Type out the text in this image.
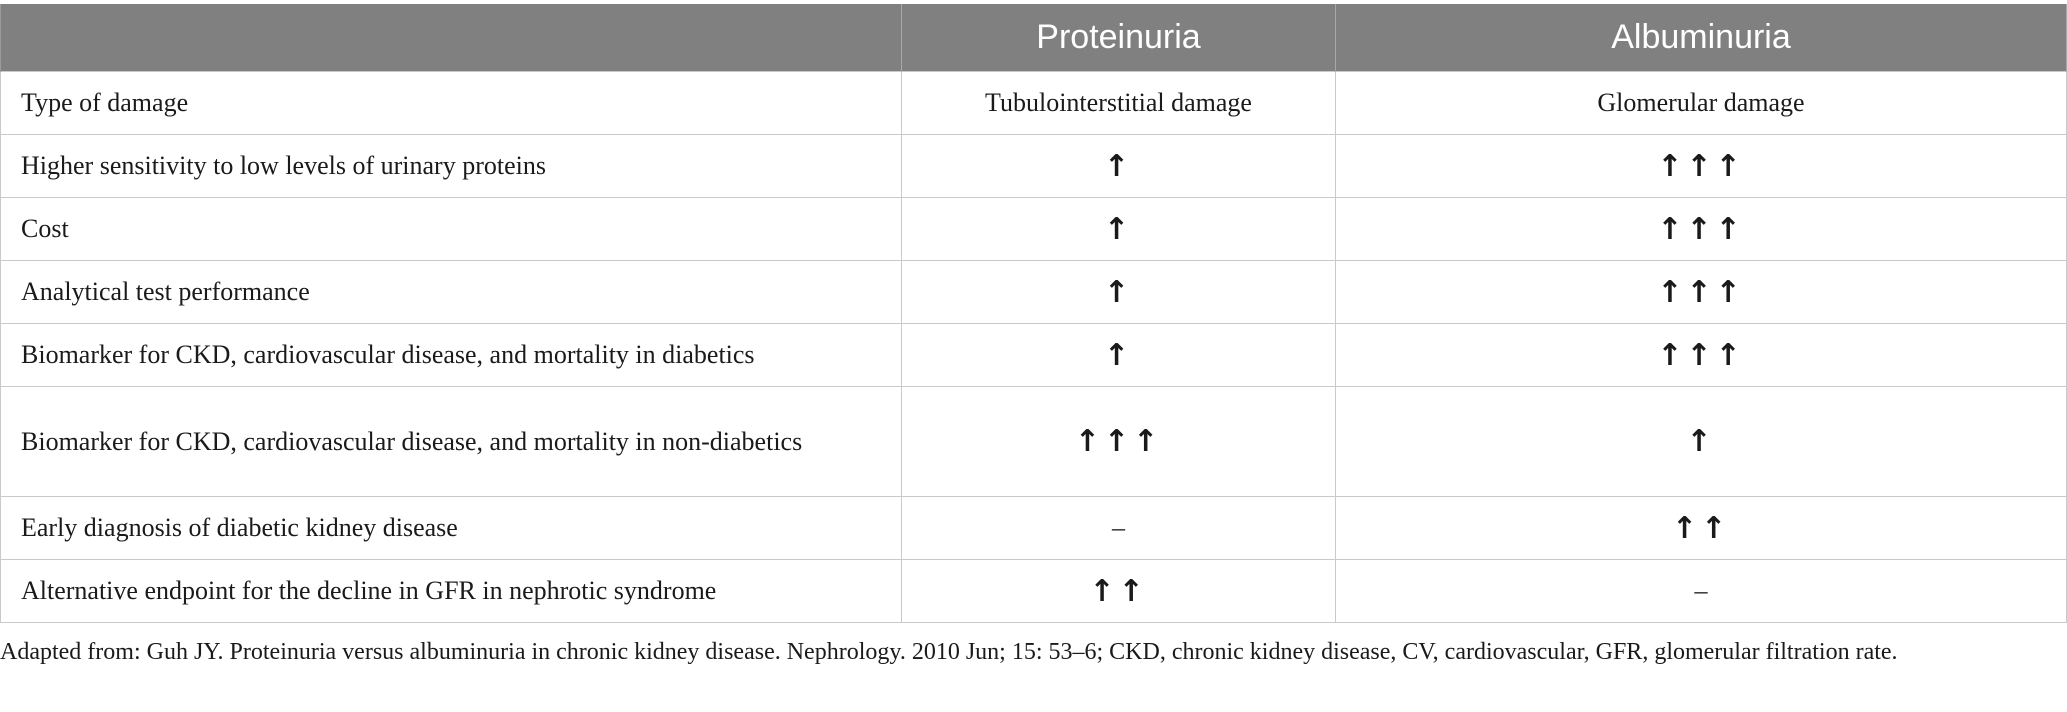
	Proteinuria	Albuminuria
Type of damage	Tubulointerstitial damage	Glomerular damage
Higher sensitivity to low levels of urinary proteins	↑	↑↑↑
Cost	↑	↑↑↑
Analytical test performance	↑	↑↑↑
Biomarker for CKD, cardiovascular disease, and mortality in diabetics	↑	↑↑↑
Biomarker for CKD, cardiovascular disease, and mortality in non-diabetics	↑↑↑	↑
Early diagnosis of diabetic kidney disease	–	↑↑
Alternative endpoint for the decline in GFR in nephrotic syndrome	↑↑	–
Adapted from: Guh JY. Proteinuria versus albuminuria in chronic kidney disease. Nephrology. 2010 Jun; 15: 53–6; CKD, chronic kidney disease, CV, cardiovascular, GFR, glomerular filtration rate.
